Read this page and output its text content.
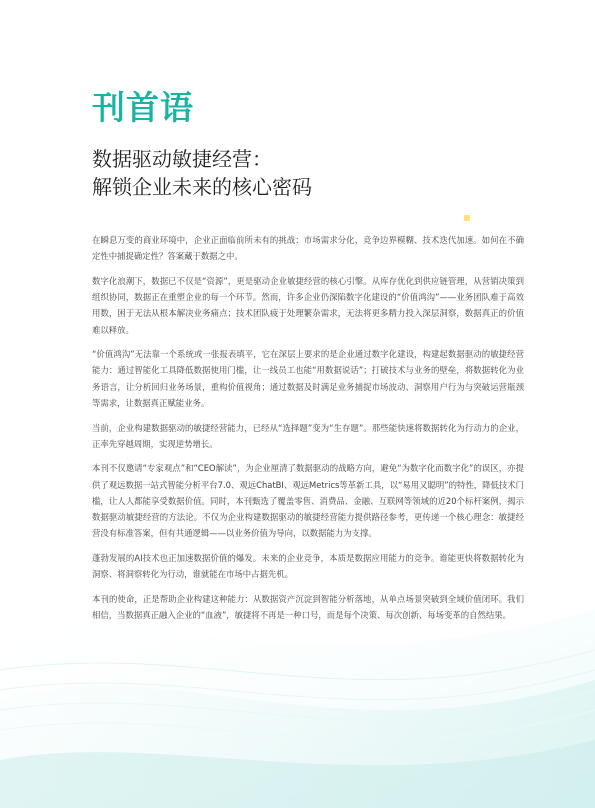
刊首语
数据驱动敏捷经营：
解锁企业未来的核心密码

在瞬息万变的商业环境中，企业正面临前所未有的挑战：市场需求分化、竞争边界模糊、技术迭代加速。如何在不确定性中捕捉确定性？答案藏于数据之中。

数字化浪潮下，数据已不仅是“资源”，更是驱动企业敏捷经营的核心引擎。从库存优化到供应链管理，从营销决策到组织协同，数据正在重塑企业的每一个环节。然而，许多企业仍深陷数字化建设的“价值鸿沟”——业务团队难于高效用数，困于无法从根本解决业务痛点；技术团队疲于处理繁杂需求，无法将更多精力投入深层洞察，数据真正的价值难以释放。

“价值鸿沟”无法靠一个系统或一张报表填平，它在深层上要求的是企业通过数字化建设，构建起数据驱动的敏捷经营能力：通过智能化工具降低数据使用门槛，让一线员工也能“用数据说话”；打破技术与业务的壁垒，将数据转化为业务语言，让分析回归业务场景，重构价值视角；通过数据及时满足业务捕捉市场波动、洞察用户行为与突破运营瓶颈等需求，让数据真正赋能业务。

当前，企业构建数据驱动的敏捷经营能力，已经从“选择题”变为“生存题”。那些能快速将数据转化为行动力的企业，正率先穿越周期，实现逆势增长。

本刊不仅邀请“专家观点”和“CEO解读”，为企业厘清了数据驱动的战略方向，避免“为数字化而数字化”的误区，亦提供了观远数据一站式智能分析平台7.0、观远ChatBI、观远Metrics等革新工具，以“易用又聪明”的特性，降低技术门槛，让人人都能享受数据价值。同时，本刊甄选了覆盖零售、消费品、金融、互联网等领域的近20个标杆案例，揭示数据驱动敏捷经营的方法论。不仅为企业构建数据驱动的敏捷经营能力提供路径参考，更传递一个核心理念：敏捷经营没有标准答案，但有共通逻辑——以业务价值为导向，以数据能力为支撑。

蓬勃发展的AI技术也正加速数据价值的爆发。未来的企业竞争，本质是数据应用能力的竞争。谁能更快将数据转化为洞察、将洞察转化为行动，谁就能在市场中占据先机。

本刊的使命，正是帮助企业构建这种能力：从数据资产沉淀到智能分析落地，从单点场景突破到全域价值闭环。我们相信，当数据真正融入企业的“血液”，敏捷将不再是一种口号，而是每个决策、每次创新、每场变革的自然结果。
